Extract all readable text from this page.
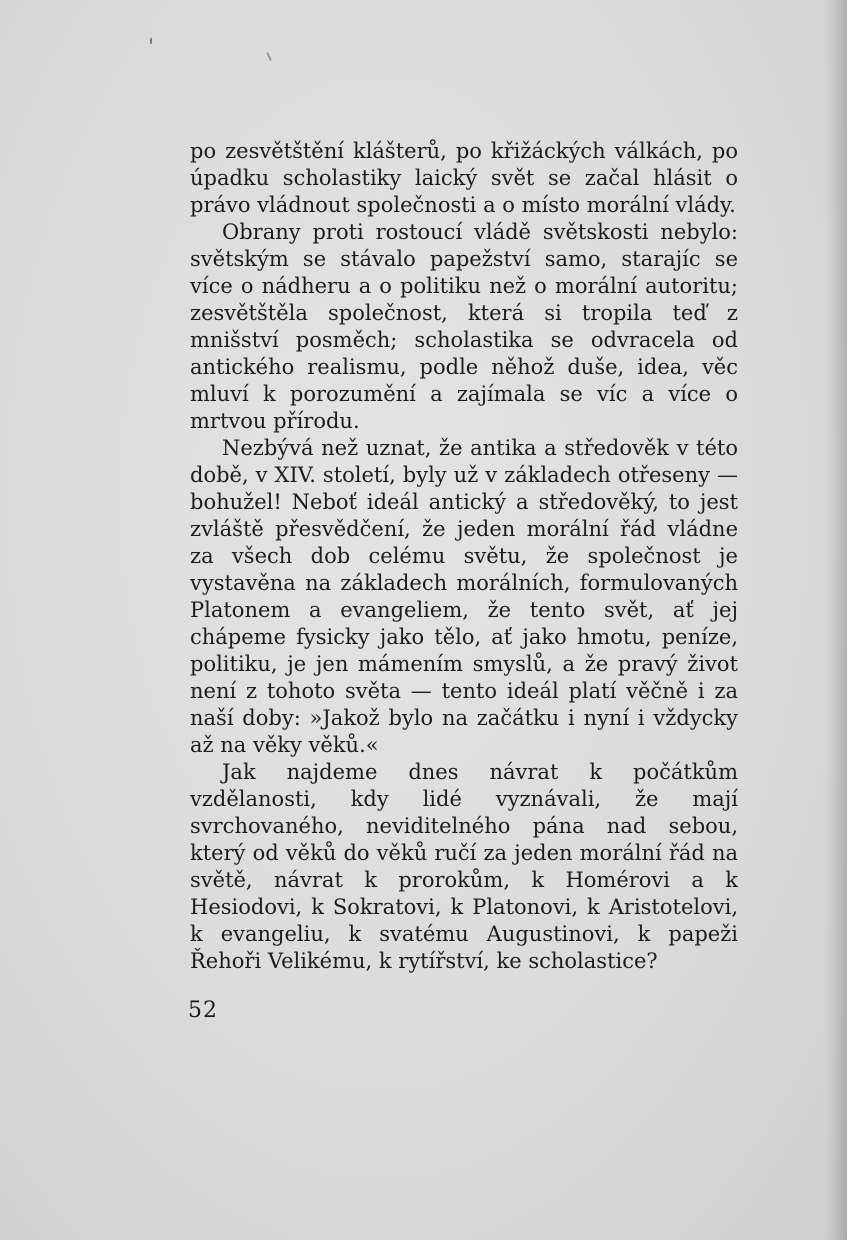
po zesvětštění klášterů, po křižáckých válkách, po úpadku scholastiky laický svět se začal hlásit o právo vládnout společnosti a o místo morální vlády.

Obrany proti rostoucí vládě světskosti nebylo: světským se stávalo papežství samo, starajíc se více o nádheru a o politiku než o morální autoritu; zesvětštěla společnost, která si tropila teď z mnišství posměch; scholastika se odvracela od antického realismu, podle něhož duše, idea, věc mluví k porozumění a zajímala se víc a více o mrtvou přírodu.

Nezbývá než uznat, že antika a středověk v této době, v XIV. století, byly už v základech otřeseny — bohužel! Neboť ideál antický a středověký, to jest zvláště přesvědčení, že jeden morální řád vládne za všech dob celému světu, že společnost je vystavěna na základech morálních, formulovaných Platonem a evangeliem, že tento svět, ať jej chápeme fysicky jako tělo, ať jako hmotu, peníze, politiku, je jen mámením smyslů, a že pravý život není z tohoto světa — tento ideál platí věčně i za naší doby: »Jakož bylo na začátku i nyní i vždycky až na věky věků.«

Jak najdeme dnes návrat k počátkům vzdělanosti, kdy lidé vyznávali, že mají svrchovaného, neviditelného pána nad sebou, který od věků do věků ručí za jeden morální řád na světě, návrat k prorokům, k Homérovi a k Hesiodovi, k Sokratovi, k Platonovi, k Aristotelovi, k evangeliu, k svatému Augustinovi, k papeži Řehoři Velikému, k rytířství, ke scholastice?

52
